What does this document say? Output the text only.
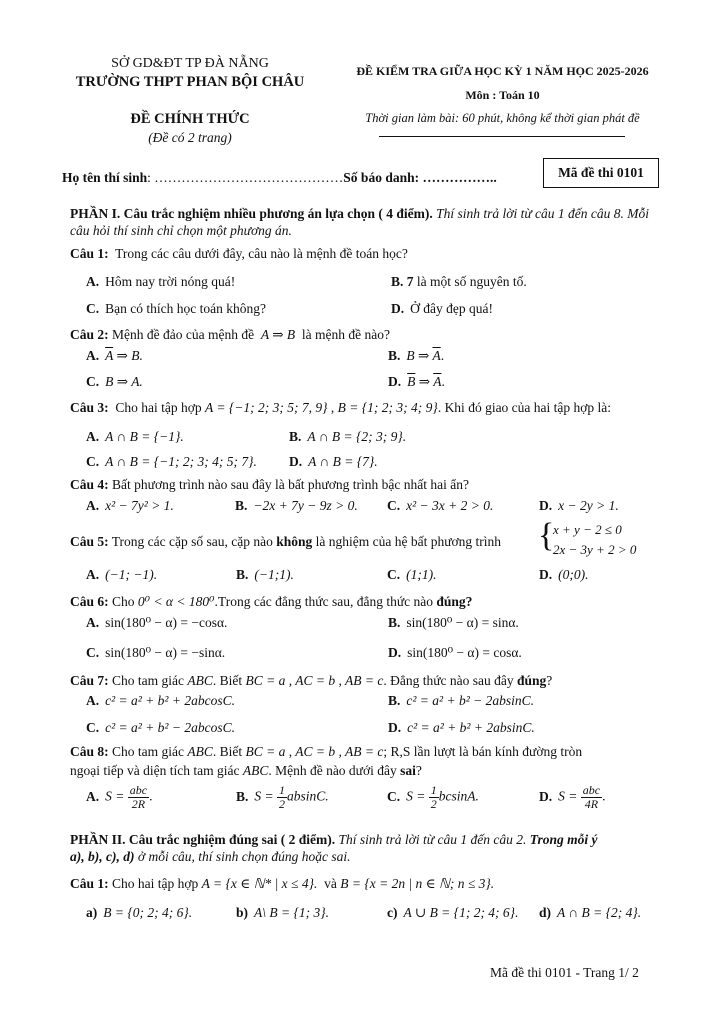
SỞ GD&ĐT TP ĐÀ NẴNG
TRƯỜNG THPT PHAN BỘI CHÂU
ĐỀ CHÍNH THỨC
(Đề có 2 trang)
ĐỀ KIỂM TRA GIỮA HỌC KỲ 1 NĂM HỌC 2025-2026
Môn : Toán 10
Thời gian làm bài: 60 phút, không kể thời gian phát đề
Họ tên thí sinh: ……………………………………Số báo danh: ……………..	Mã đề thi 0101
PHẦN I. Câu trắc nghiệm nhiều phương án lựa chọn ( 4 điểm). Thí sinh trả lời từ câu 1 đến câu 8. Mỗi câu hỏi thí sinh chỉ chọn một phương án.
Câu 1: Trong các câu dưới đây, câu nào là mệnh đề toán học?
A. Hôm nay trời nóng quá!	B. 7 là một số nguyên tố.
C. Bạn có thích học toán không?	D. Ở đây đẹp quá!
Câu 2: Mệnh đề đảo của mệnh đề A ⇒ B là mệnh đề nào?
A. $\overline{A}$ ⇒ B.	B. B ⇒ $\overline{A}$.
C. B ⇒ A.	D. $\overline{B}$ ⇒ $\overline{A}$.
Câu 3: Cho hai tập hợp A = {−1; 2; 3; 5; 7, 9} , B = {1; 2; 3; 4; 9}. Khi đó giao của hai tập hợp là:
A. A ∩ B = {−1}.	B. A ∩ B = {2; 3; 9}.
C. A ∩ B = {−1; 2; 3; 4; 5; 7}. D. A ∩ B = {7}.
Câu 4: Bất phương trình nào sau đây là bất phương trình bậc nhất hai ẩn?
A. x² − 7y² > 1.	B. −2x + 7y − 9z > 0. C. x² − 3x + 2 > 0.	D. x − 2y > 1.
Câu 5: Trong các cặp số sau, cặp nào không là nghiệm của hệ bất phương trình {
x + y − 2 ≤ 0
2x − 3y + 2 > 0
A. (−1; −1).	B. (−1;1).	C. (1;1).	D. (0;0).
Câu 6: Cho 0⁰ < α < 180⁰.Trong các đẳng thức sau, đẳng thức nào đúng?
A. sin(180⁰ − α) = −cosα.	B. sin(180⁰ − α) = sinα.
C. sin(180⁰ − α) = −sinα.	D. sin(180⁰ − α) = cosα.
Câu 7: Cho tam giác ABC. Biết BC = a , AC = b , AB = c. Đẳng thức nào sau đây đúng?
A. c² = a² + b² + 2abcosC.	B. c² = a² + b² − 2absinC.
C. c² = a² + b² − 2abcosC.	D. c² = a² + b² + 2absinC.
Câu 8: Cho tam giác ABC. Biết BC = a , AC = b , AB = c; R,S lần lượt là bán kính đường tròn
ngoại tiếp và diện tích tam giác ABC. Mệnh đề nào dưới đây sai?
A. $S = \frac{\text{abc}}{2R}$ .	B. $S = \frac{1}{2} absinC$.	C. $S = \frac{1}{2} bcsinA$.	D. $S = \frac{\text{abc}}{4R}$ .
PHẦN II. Câu trắc nghiệm đúng sai ( 2 điểm). Thí sinh trả lời từ câu 1 đến câu 2. Trong mỗi ý
a), b), c), d) ở mỗi câu, thí sinh chọn đúng hoặc sai.
Câu 1: Cho hai tập hợp A = {x ∈ ℕ* | x ≤ 4}. và B = {x = 2n | n ∈ ℕ; n ≤ 3}.
a) B = {0; 2; 4; 6}.	b) A\ B = {1; 3}.	c) A ∪ B = {1; 2; 4; 6}. d) A ∩ B = {2; 4}.
Mã đề thi 0101 - Trang 1/ 2
